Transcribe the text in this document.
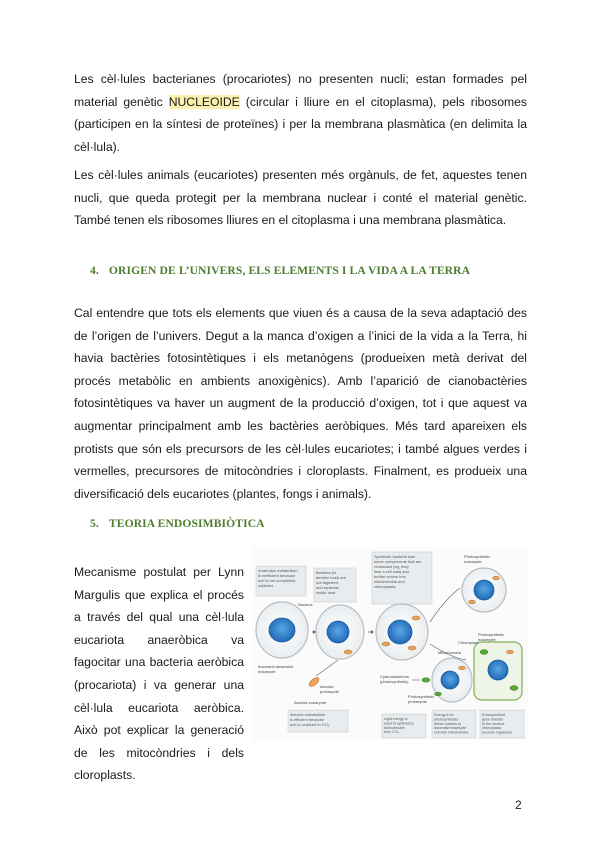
Les cèl·lules bacterianes (procariotes) no presenten nucli; estan formades pel material genètic NUCLEOIDE (circular i lliure en el citoplasma), pels ribosomes (participen en la síntesi de proteïnes) i per la membrana plasmàtica (en delimita la cèl·lula).

Les cèl·lules animals (eucariotes) presenten més orgànuls, de fet, aquestes tenen nucli, que queda protegit per la membrana nuclear i conté el material genètic. També tenen els ribosomes lliures en el citoplasma i una membrana plasmàtica.

4. ORIGEN DE L’UNIVERS, ELS ELEMENTS I LA VIDA A LA TERRA

Cal entendre que tots els elements que viuen és a causa de la seva adaptació des de l’origen de l’univers. Degut a la manca d’oxigen a l’inici de la vida a la Terra, hi havia bactèries fotosintètiques i els metanògens (produeixen metà derivat del procés metabòlic en ambients anoxigènics). Amb l’aparició de cianobactèries fotosintètiques va haver un augment de la producció d’oxigen, tot i que aquest va augmentar principalment amb les bactèries aeròbiques. Més tard apareixen els protists que són els precursors de les cèl·lules eucariotes; i també algues verdes i vermelles, precursores de mitocòndries i cloroplasts. Finalment, es produeix una diversificació dels eucariotes (plantes, fongs i animals).

5. TEORIA ENDOSIMBIÒTICA

Mecanisme postulat per Lynn Margulis que explica el procés a través del qual una cèl·lula eucariota anaeròbica va fagocitar una bacteria aeròbica (procariota) i va generar una cèl·lula eucariota aeròbica. Això pot explicar la generació de les mitocòndries i dels cloroplasts.

Anaerobic metabolism is inefficient because fuel is not completely oxidized.
Bacteria (in aerobic host) are not digested, and replicate inside host.
Symbiotic bacteria lose some components that are redundant (eg, they lose a cell wall) and further evolve into mitochondria and chloroplasts.
Aerobic metabolism is efficient because fuel is oxidized to CO₂.
Light energy is used to synthesize biomolecules from CO₂.
Energy from photosynthesis drives nucleus to assemble eukaryote cell with mitochondria
Endosymbiont gene transfer to the nucleus chloroplasts become organelles
Ancestral anaerobic eukaryote
Nucleus
Aerobic prokaryote
Aerobic eukaryote
Mitochondria
Photosynthetic eukaryote
Photosynthetic eukaryote
Chloroplast
Cyanobacterium (photosynthetic)
Photosynthetic prokaryote
2
